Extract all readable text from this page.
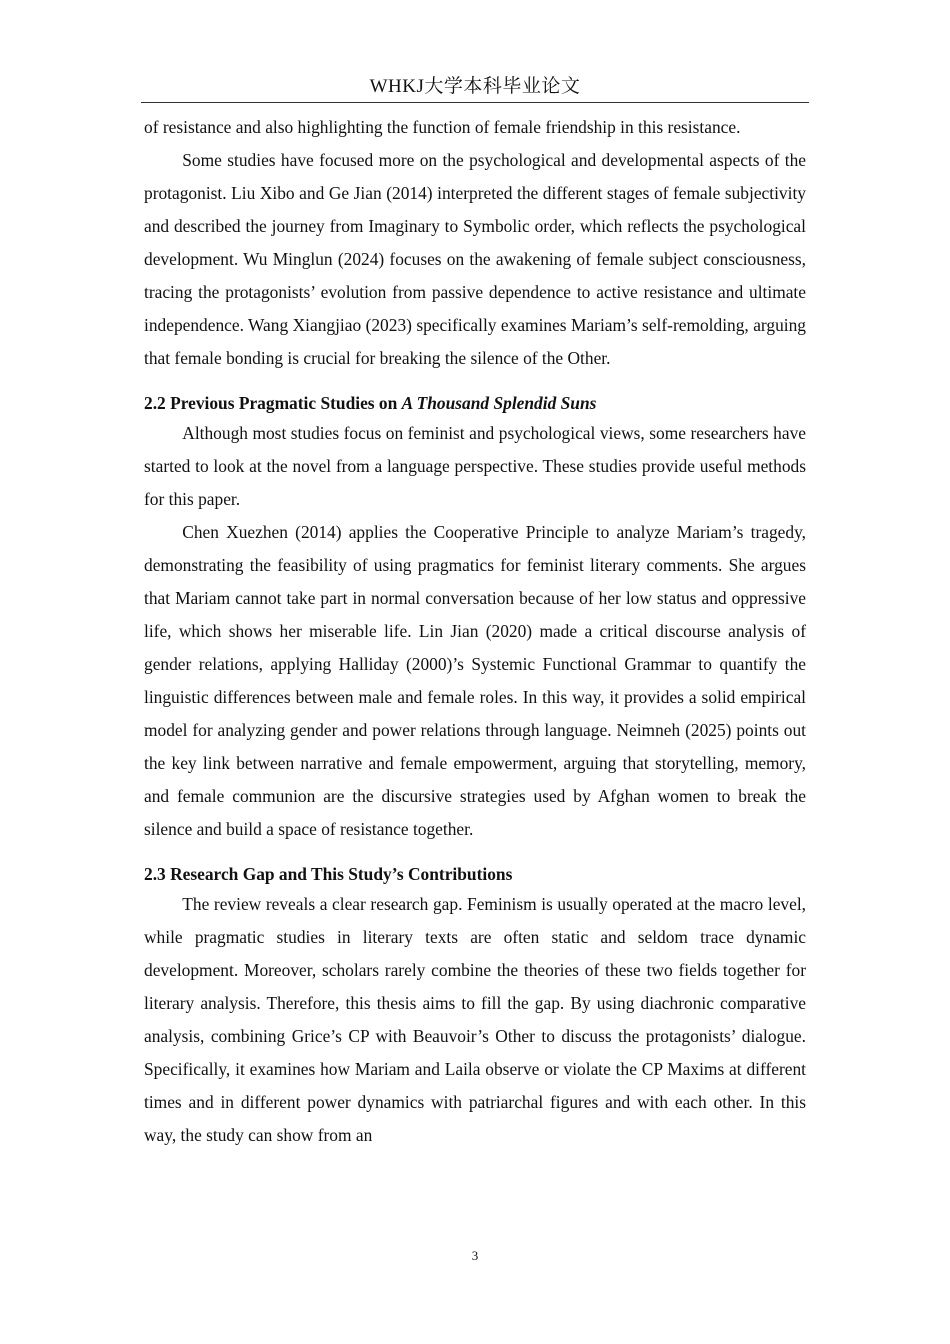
WHKJ大学本科毕业论文

of resistance and also highlighting the function of female friendship in this resistance.

Some studies have focused more on the psychological and developmental aspects of the protagonist. Liu Xibo and Ge Jian (2014) interpreted the different stages of female subjectivity and described the journey from Imaginary to Symbolic order, which reflects the psychological development. Wu Minglun (2024) focuses on the awakening of female subject consciousness, tracing the protagonists’ evolution from passive dependence to active resistance and ultimate independence. Wang Xiangjiao (2023) specifically examines Mariam’s self-remolding, arguing that female bonding is crucial for breaking the silence of the Other.

2.2 Previous Pragmatic Studies on A Thousand Splendid Suns

Although most studies focus on feminist and psychological views, some researchers have started to look at the novel from a language perspective. These studies provide useful methods for this paper.

Chen Xuezhen (2014) applies the Cooperative Principle to analyze Mariam’s tragedy, demonstrating the feasibility of using pragmatics for feminist literary comments. She argues that Mariam cannot take part in normal conversation because of her low status and oppressive life, which shows her miserable life. Lin Jian (2020) made a critical discourse analysis of gender relations, applying Halliday (2000)’s Systemic Functional Grammar to quantify the linguistic differences between male and female roles. In this way, it provides a solid empirical model for analyzing gender and power relations through language. Neimneh (2025) points out the key link between narrative and female empowerment, arguing that storytelling, memory, and female communion are the discursive strategies used by Afghan women to break the silence and build a space of resistance together.

2.3 Research Gap and This Study’s Contributions

The review reveals a clear research gap. Feminism is usually operated at the macro level, while pragmatic studies in literary texts are often static and seldom trace dynamic development. Moreover, scholars rarely combine the theories of these two fields together for literary analysis. Therefore, this thesis aims to fill the gap. By using diachronic comparative analysis, combining Grice’s CP with Beauvoir’s Other to discuss the protagonists’ dialogue. Specifically, it examines how Mariam and Laila observe or violate the CP Maxims at different times and in different power dynamics with patriarchal figures and with each other. In this way, the study can show from an

3
